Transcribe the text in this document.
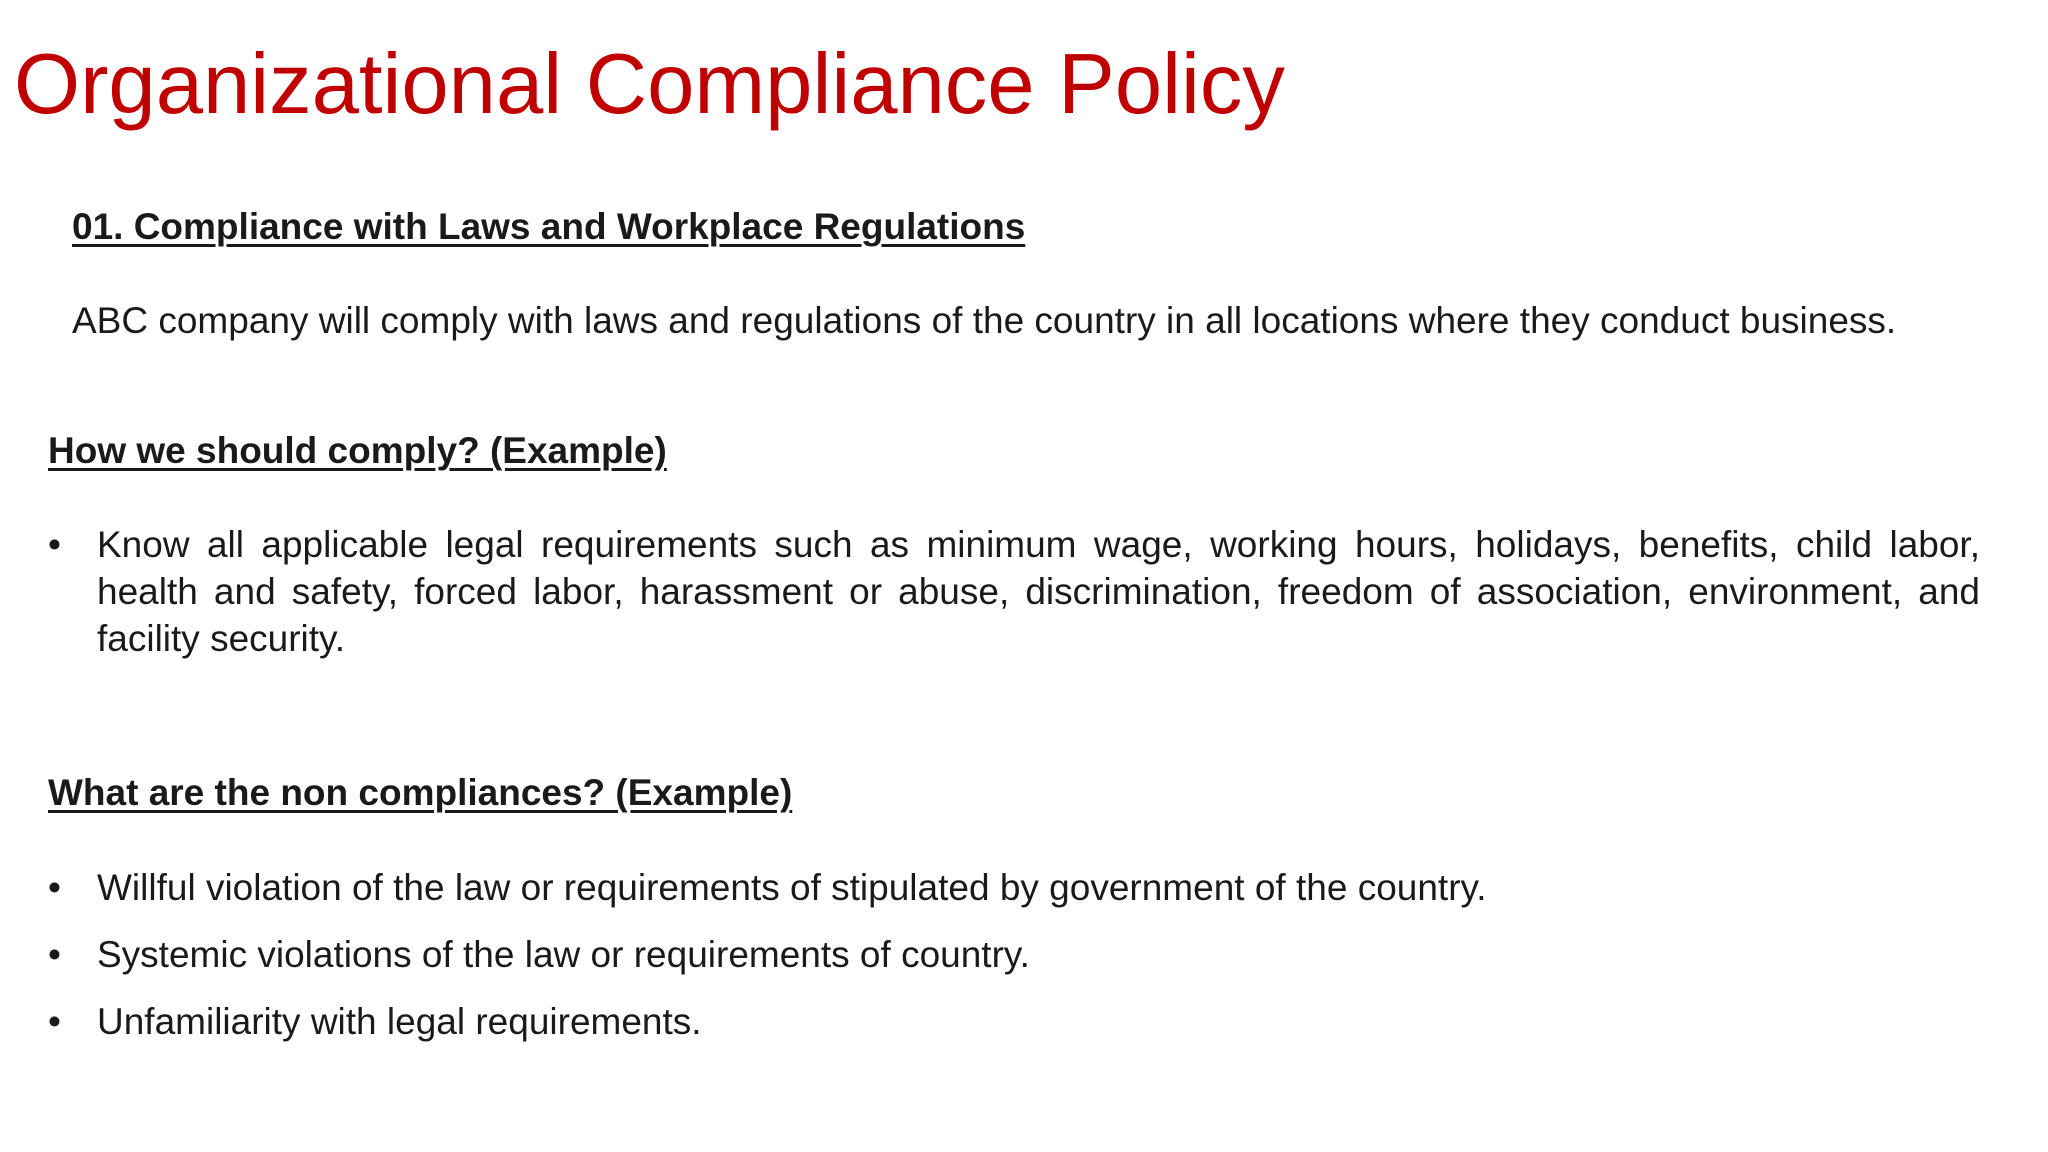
Organizational Compliance Policy
01. Compliance with Laws and Workplace Regulations

ABC company will comply with laws and regulations of the country in all locations where they conduct business.

How we should comply? (Example)
• Know all applicable legal requirements such as minimum wage, working hours, holidays, benefits, child labor, health and safety, forced labor, harassment or abuse, discrimination, freedom of association, environment, and facility security.
What are the non compliances? (Example)
• Willful violation of the law or requirements of stipulated by government of the country.
• Systemic violations of the law or requirements of country.
• Unfamiliarity with legal requirements.
